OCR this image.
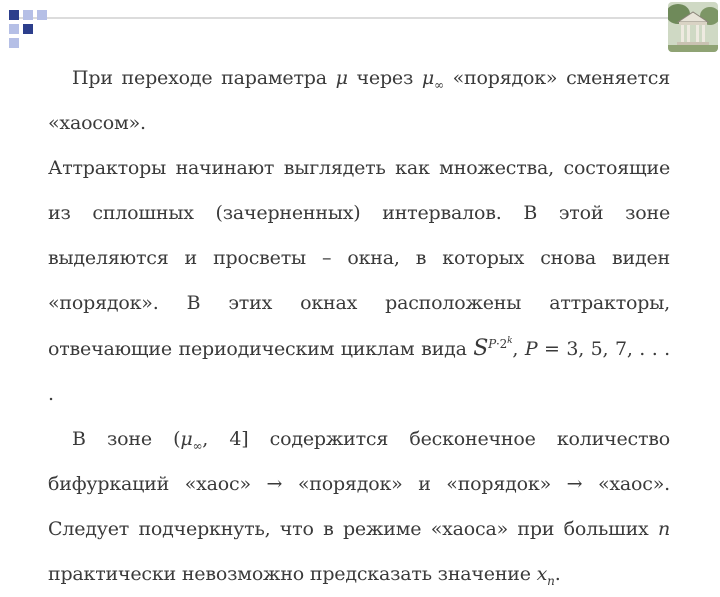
При переходе параметра μ через $\mu_\infty$ «порядок» сменяется «хаосом».

Аттракторы начинают выглядеть как множества, состоящие из сплошных (зачерненных) интервалов. В этой зоне выделяются и просветы – окна, в которых снова виден «порядок». В этих окнах расположены аттракторы, отвечающие периодическим циклам вида $S^{P\cdot 2^k}$, P = 3, 5, 7, . . . .

В зоне ($\mu_\infty$, 4] содержится бесконечное количество бифуркаций «хаос» → «порядок» и «порядок» → «хаос». Следует подчеркнуть, что в режиме «хаоса» при больших n практически невозможно предсказать значение $x_n$.
